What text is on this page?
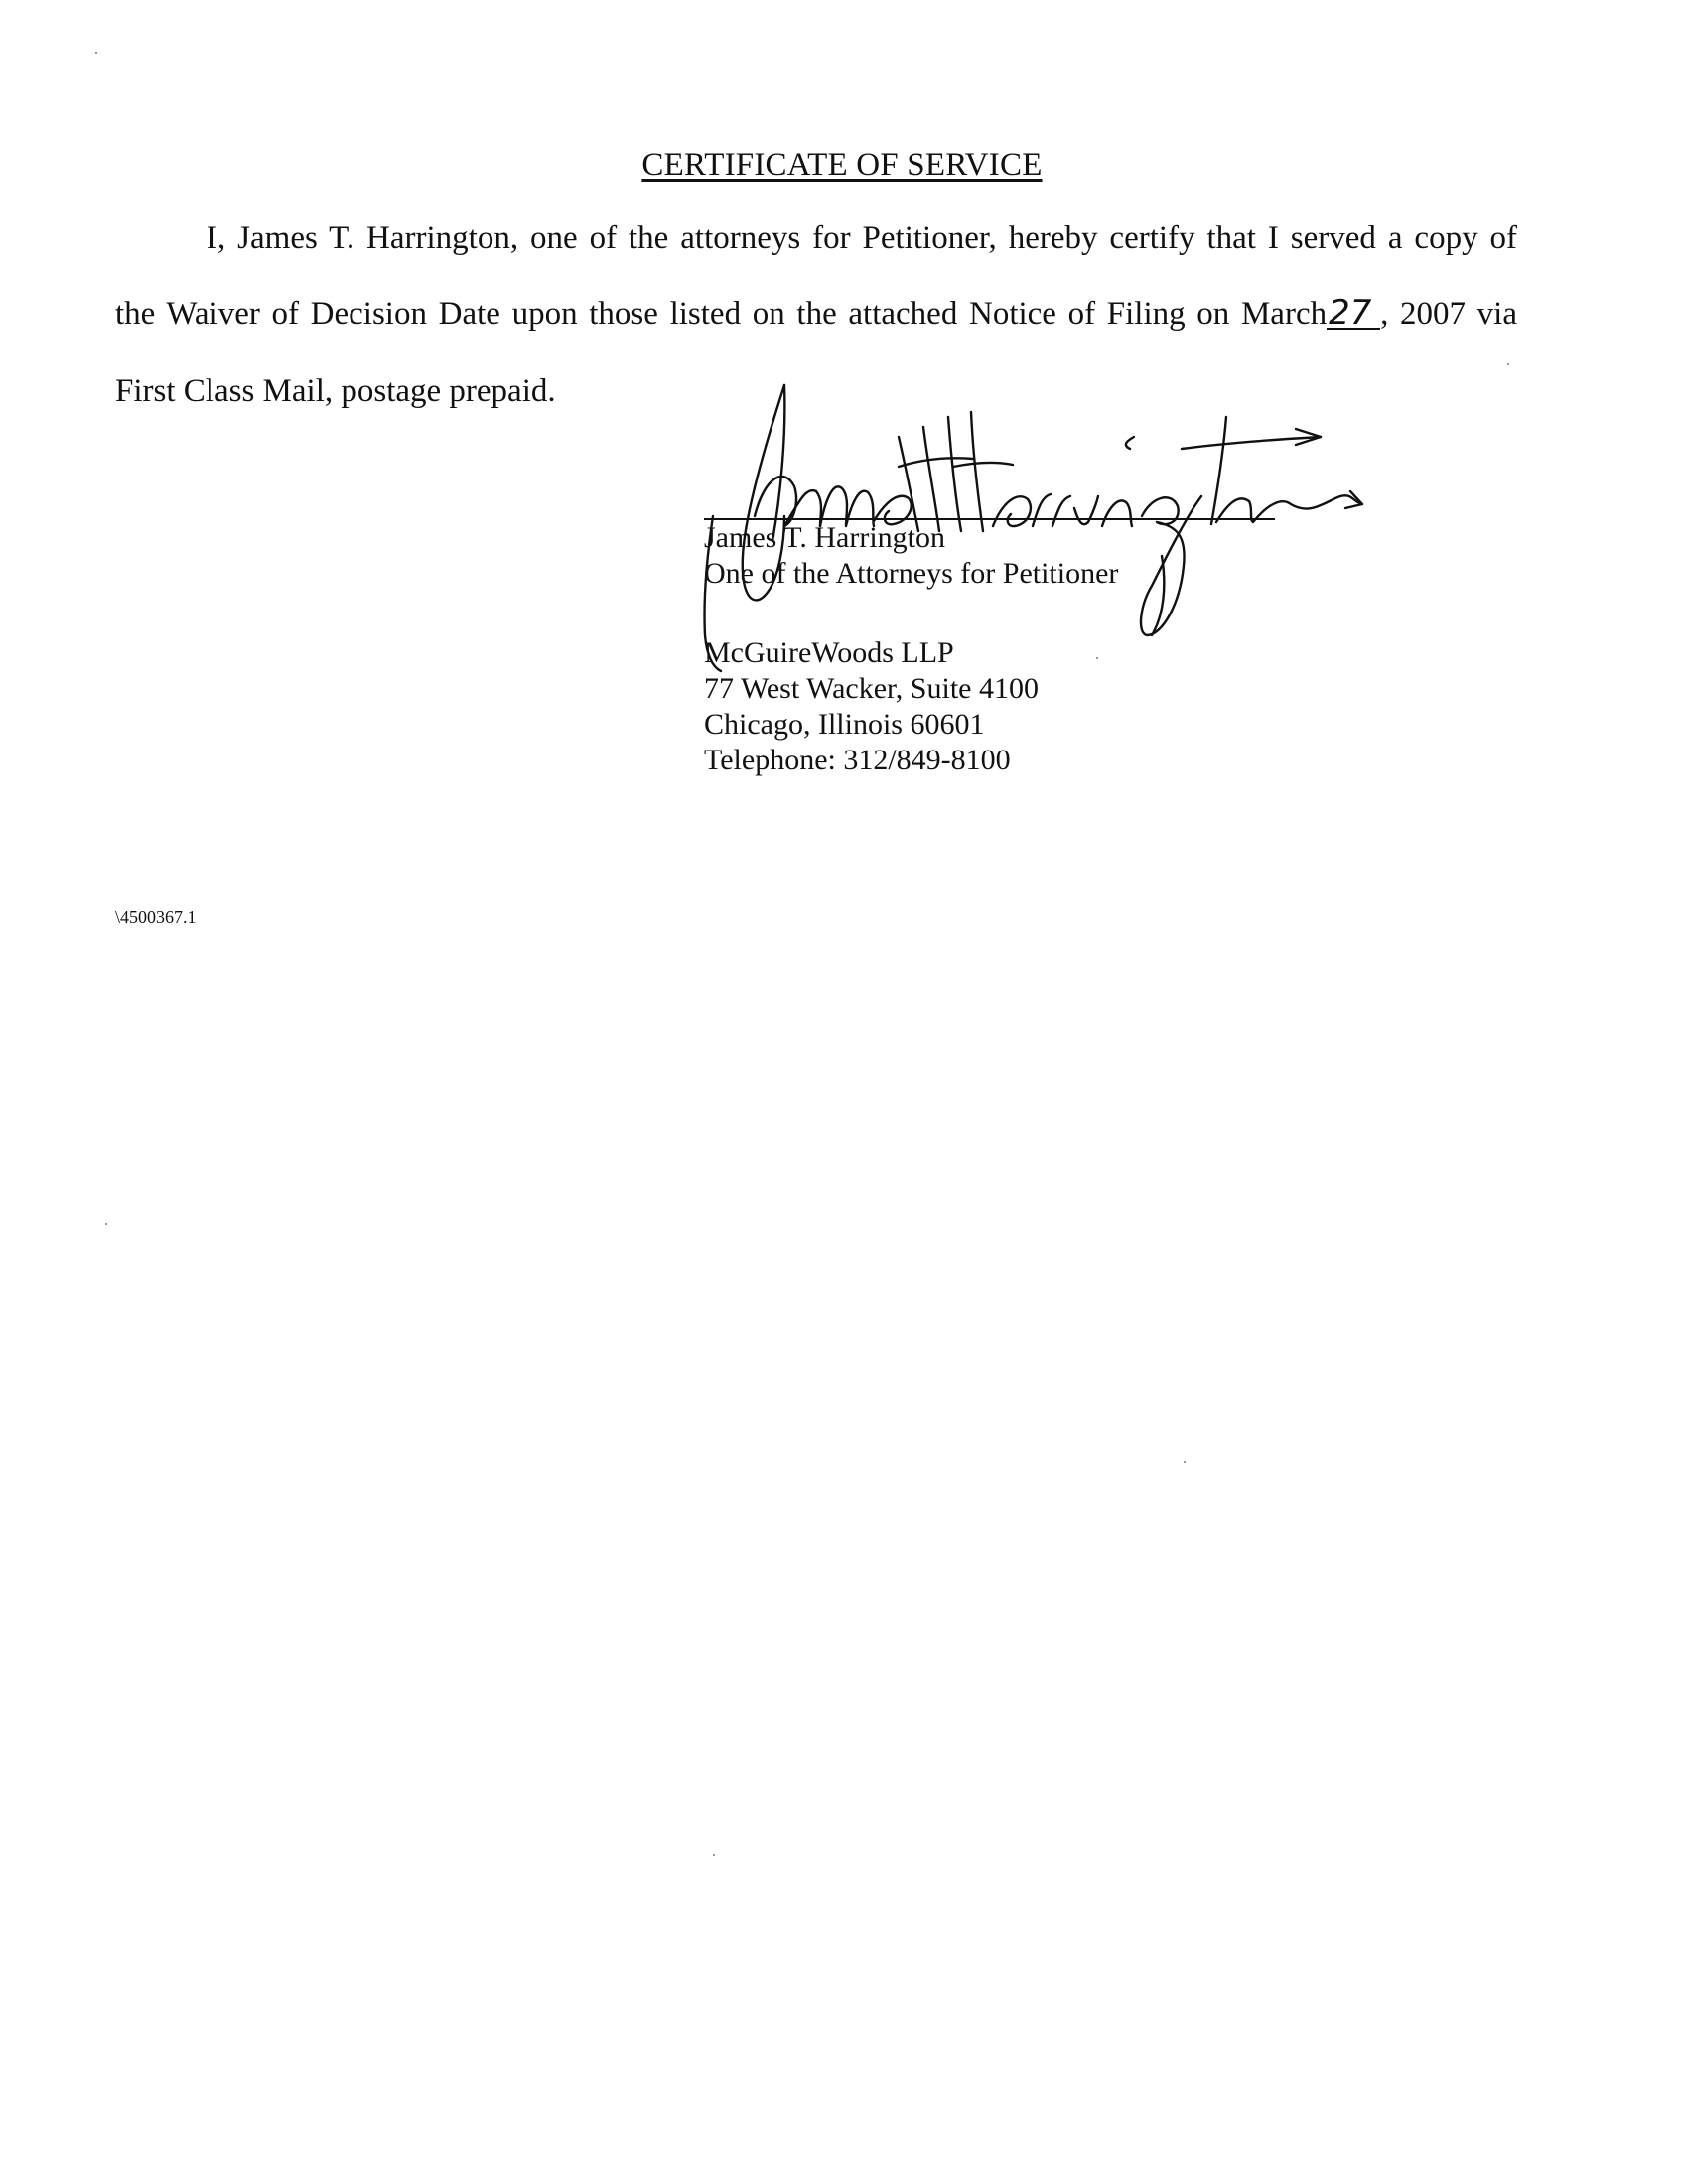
CERTIFICATE OF SERVICE
I, James T. Harrington, one of the attorneys for Petitioner, hereby certify that I served a copy of
the Waiver of Decision Date upon those listed on the attached Notice of Filing on March27 , 2007 via
First Class Mail, postage prepaid.
James T. Harrington
One of the Attorneys for Petitioner
McGuireWoods LLP
77 West Wacker, Suite 4100
Chicago, Illinois 60601
Telephone: 312/849-8100
\4500367.1
